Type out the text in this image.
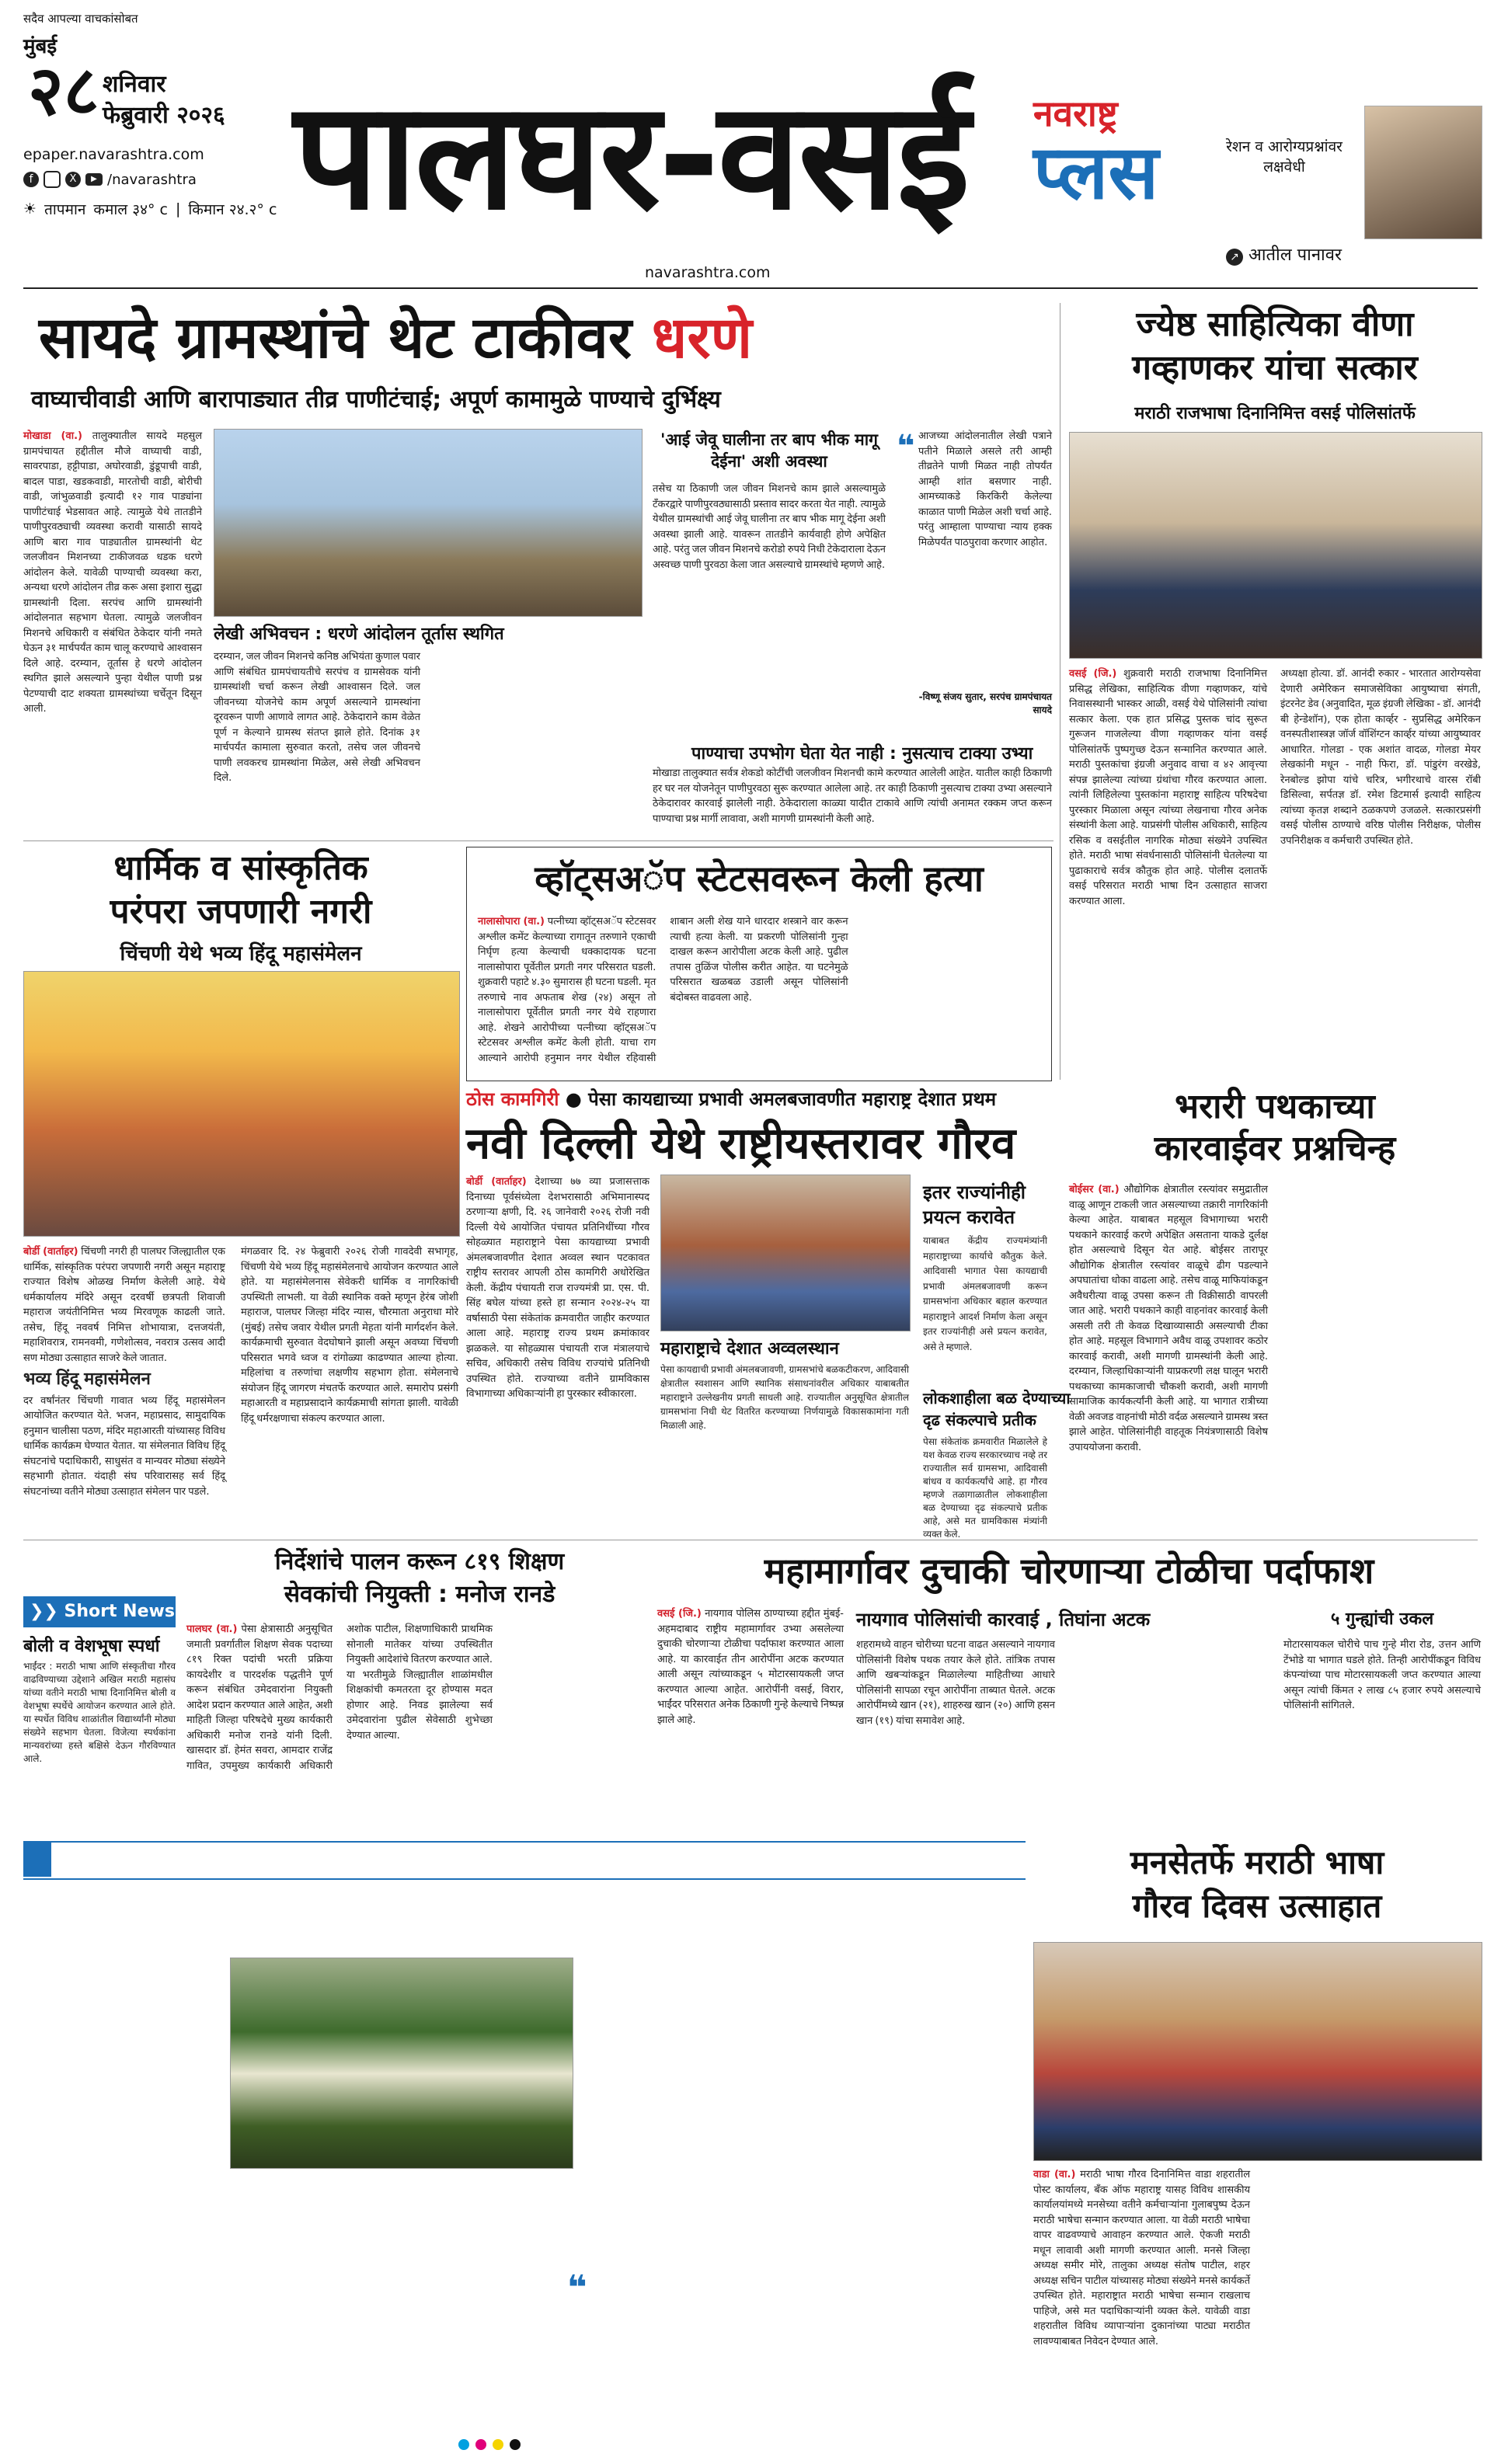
सदैव आपल्या वाचकांसोबत
मुंबई
२८ शनिवार
फेब्रुवारी २०२६
epaper.navarashtra.com
f	X	▶ /navarashtra
☀ तापमान कमाल ३४° c | किमान २४.२° c पालघर-वसई
navarashtra.com
नवराष्ट्र
प्लस	रेशन व आरोग्यप्रश्नांवर लक्षवेधी
↗ आतील पानावर
सायदे ग्रामस्थांचे थेट टाकीवर धरणे
वाघ्याचीवाडी आणि बारापाड्यात तीव्र पाणीटंचाई; अपूर्ण कामामुळे पाण्याचे दुर्भिक्ष्य
मोखाडा (वा.) तालुक्यातील सायदे महसुल ग्रामपंचायत हद्दीतील मौजे वाघ्याची वाडी, सावरपाडा, हट्टीपाडा, अघोरवाडी, डुंडूपाची वाडी, बादल पाडा, खडकवाडी, मारतोची वाडी, बोरीची वाडी, जांभुळवाडी इत्यादी १२ गाव पाड्यांना पाणीटंचाई भेडसावत आहे. त्यामुळे येथे तातडीने पाणीपुरवठ्याची व्यवस्था करावी यासाठी सायदे आणि बारा गाव पाड्यातील ग्रामस्थांनी थेट जलजीवन मिशनच्या टाकीजवळ धडक धरणे आंदोलन केले. यावेळी पाण्याची व्यवस्था करा, अन्यथा धरणे आंदोलन तीव्र करू असा इशारा सुद्धा ग्रामस्थांनी दिला. सरपंच आणि ग्रामस्थांनी आंदोलनात सहभाग घेतला. त्यामुळे जलजीवन मिशनचे अधिकारी व संबंधित ठेकेदार यांनी नमते घेऊन ३१ मार्चपर्यंत काम चालू करण्याचे आश्वासन दिले आहे. दरम्यान, तूर्तास हे धरणे आंदोलन स्थगित झाले असल्याने पुन्हा येथील पाणी प्रश्न पेटण्याची दाट शक्यता ग्रामस्थांच्या चर्चेतून दिसून आली.
लेखी अभिवचन : धरणे आंदोलन तूर्तास स्थगित
दरम्यान, जल जीवन मिशनचे कनिष्ठ अभियंता कुणाल पवार आणि संबंधित ग्रामपंचायतीचे सरपंच व ग्रामसेवक यांनी ग्रामस्थांशी चर्चा करून लेखी आश्वासन दिले. जल जीवनच्या योजनेचे काम अपूर्ण असल्याने ग्रामस्थांना दूरवरून पाणी आणावे लागत आहे. ठेकेदाराने काम वेळेत पूर्ण न केल्याने ग्रामस्थ संतप्त झाले होते. दिनांक ३१ मार्चपर्यंत कामाला सुरुवात करतो, तसेच जल जीवनचे पाणी लवकरच ग्रामस्थांना मिळेल, असे लेखी अभिवचन दिले.
'आई जेवू घालीना तर बाप भीक मागू देईना' अशी अवस्था
तसेच या ठिकाणी जल जीवन मिशनचे काम झाले असल्यामुळे टँकरद्वारे पाणीपुरवठ्यासाठी प्रस्ताव सादर करता येत नाही. त्यामुळे येथील ग्रामस्थांची आई जेवू घालीना तर बाप भीक मागू देईना अशी अवस्था झाली आहे. यावरून तातडीने कार्यवाही होणे अपेक्षित आहे. परंतु जल जीवन मिशनचे करोडो रुपये निधी टेकेदाराला देऊन अस्वच्छ पाणी पुरवठा केला जात असल्याचे ग्रामस्थांचे म्हणणे आहे.
❝ आजच्या आंदोलनातील लेखी पत्राने पतीने मिळाले असले तरी आम्ही तीव्रतेने पाणी मिळत नाही तोपर्यंत आम्ही शांत बसणार नाही. आमच्याकडे किरकिरी केलेल्या काळात पाणी मिळेल अशी चर्चा आहे. परंतु आम्हाला पाण्याचा न्याय हक्क मिळेपर्यंत पाठपुरावा करणार आहोत.
-विष्णू संजय सुतार, सरपंच ग्रामपंचायत सायदे
पाण्याचा उपभोग घेता येत नाही : नुसत्याच टाक्या उभ्या
मोखाडा तालुक्यात सर्वत्र शेकडो कोटींची जलजीवन मिशनची कामे करण्यात आलेली आहेत. यातील काही ठिकाणी हर घर नल योजनेतून पाणीपुरवठा सुरू करण्यात आलेला आहे. तर काही ठिकाणी नुसत्याच टाक्या उभ्या असल्याने ठेकेदारावर कारवाई झालेली नाही. ठेकेदाराला काळ्या यादीत टाकावे आणि त्यांची अनामत रक्कम जप्त करून पाण्याचा प्रश्न मार्गी लावावा, अशी मागणी ग्रामस्थांनी केली आहे.
ज्येष्ठ साहित्यिका वीणा
गव्हाणकर यांचा सत्कार
मराठी राजभाषा दिनानिमित्त वसई पोलिसांतर्फे
वसई (जि.) शुक्रवारी मराठी राजभाषा दिनानिमित्त प्रसिद्ध लेखिका, साहित्यिक वीणा गव्हाणकर, यांचे निवासस्थानी भास्कर आळी, वसई येथे पोलिसांनी त्यांचा सत्कार केला. एक हात प्रसिद्ध पुस्तक चांद सुरूत गुरूजन गाजलेल्या वीणा गव्हाणकर यांना वसई पोलिसांतर्फे पुष्पगुच्छ देऊन सन्मानित करण्यात आले. मराठी पुस्तकांचा इंग्रजी अनुवाद वाचा व ४२ आवृत्त्या संपन्न झालेल्या त्यांच्या ग्रंथांचा गौरव करण्यात आला. त्यांनी लिहिलेल्या पुस्तकांना महाराष्ट्र साहित्य परिषदेचा पुरस्कार मिळाला असून त्यांच्या लेखनाचा गौरव अनेक संस्थांनी केला आहे. याप्रसंगी पोलीस अधिकारी, साहित्य रसिक व वसईतील नागरिक मोठ्या संख्येने उपस्थित होते. मराठी भाषा संवर्धनासाठी पोलिसांनी घेतलेल्या या पुढाकाराचे सर्वत्र कौतुक होत आहे. पोलीस दलातर्फे वसई परिसरात मराठी भाषा दिन उत्साहात साजरा करण्यात आला.
अध्यक्षा होत्या. डॉ. आनंदी रुकार - भारतात आरोग्यसेवा देणारी अमेरिकन समाजसेविका आयुष्याचा संगती, इंटरनेट डेव (अनुवादित, मूळ इंग्रजी लेखिका - डॉ. आनंदी बी हेन्डेशॉन), एक होता कार्व्हर - सुप्रसिद्ध अमेरिकन वनस्पतीशास्त्रज्ञ जॉर्ज वॉशिंग्टन कार्व्हर यांच्या आयुष्यावर आधारित. गोलडा - एक अशांत वादळ, गोलडा मेयर लेखकांनी मधून - नाही फिरा, डॉ. पांडुरंग वरखेडे, रेनबोल्ड झोपा यांचे चरित्र, भगीरथाचे वारस रॉबी डिसिल्वा, सर्पतज्ञ डॉ. रमेश डिटमार्स इत्यादी साहित्य त्यांच्या कृतज्ञ शब्दाने ठळकपणे उजळले. सत्कारप्रसंगी वसई पोलीस ठाण्याचे वरिष्ठ पोलीस निरीक्षक, पोलीस उपनिरीक्षक व कर्मचारी उपस्थित होते.
धार्मिक व सांस्कृतिक
परंपरा जपणारी नगरी
चिंचणी येथे भव्य हिंदू महासंमेलन
बोर्डी (वार्ताहर) चिंचणी नगरी ही पालघर जिल्ह्यातील एक धार्मिक, सांस्कृतिक परंपरा जपणारी नगरी असून महाराष्ट्र राज्यात विशेष ओळख निर्माण केलेली आहे. येथे धर्मकार्यालय मंदिरे असून दरवर्षी छत्रपती शिवाजी महाराज जयंतीनिमित्त भव्य मिरवणूक काढली जाते. तसेच, हिंदू नववर्ष निमित्त शोभायात्रा, दत्तजयंती, महाशिवरात्र, रामनवमी, गणेशोत्सव, नवरात्र उत्सव आदी सण मोठ्या उत्साहात साजरे केले जातात.
भव्य हिंदू महासंमेलन
दर वर्षांनंतर चिंचणी गावात भव्य हिंदू महासंमेलन आयोजित करण्यात येते. भजन, महाप्रसाद, सामुदायिक हनुमान चालीसा पठण, मंदिर महाआरती यांच्यासह विविध धार्मिक कार्यक्रम घेण्यात येतात. या संमेलनात विविध हिंदू संघटनांचे पदाधिकारी, साधुसंत व मान्यवर मोठ्या संख्येने सहभागी होतात. यंदाही संघ परिवारासह सर्व हिंदू संघटनांच्या वतीने मोठ्या उत्साहात संमेलन पार पडले.
मंगळवार दि. २४ फेब्रुवारी २०२६ रोजी गावदेवी सभागृह, चिंचणी येथे भव्य हिंदू महासंमेलनाचे आयोजन करण्यात आले होते. या महासंमेलनास सेवेकरी धार्मिक व नागरिकांची उपस्थिती लाभली. या वेळी स्थानिक वक्ते म्हणून हेरंब जोशी महाराज, पालघर जिल्हा मंदिर न्यास, चौरमाता अनुराधा मोरे (मुंबई) तसेच जवार येथील प्रगती मेहता यांनी मार्गदर्शन केले. कार्यक्रमाची सुरुवात वेदघोषाने झाली असून अवघ्या चिंचणी परिसरात भगवे ध्वज व रांगोळ्या काढण्यात आल्या होत्या. महिलांचा व तरुणांचा लक्षणीय सहभाग होता. संमेलनाचे संयोजन हिंदू जागरण मंचतर्फे करण्यात आले. समारोप प्रसंगी महाआरती व महाप्रसादाने कार्यक्रमाची सांगता झाली. यावेळी हिंदू धर्मरक्षणाचा संकल्प करण्यात आला.
व्हॉट्सअॅप स्टेटसवरून केली हत्या
नालासोपारा (वा.) पत्नीच्या व्हॉट्सअॅप स्टेटसवर अश्लील कमेंट केल्याच्या रागातून तरुणाने एकाची निर्घृण हत्या केल्याची धक्कादायक घटना नालासोपारा पूर्वेतील प्रगती नगर परिसरात घडली. शुक्रवारी पहाटे ४.३० सुमारास ही घटना घडली. मृत तरुणाचे नाव अफताब शेख (२४) असून तो नालासोपारा पूर्वेतील प्रगती नगर येथे राहणारा आहे. शेखने आरोपीच्या पत्नीच्या व्हॉट्सअॅप स्टेटसवर अश्लील कमेंट केली होती. याचा राग आल्याने आरोपी हनुमान नगर येथील रहिवासी शाबान अली शेख याने धारदार शस्त्राने वार करून त्याची हत्या केली. या प्रकरणी पोलिसांनी गुन्हा दाखल करून आरोपीला अटक केली आहे. पुढील तपास तुळिंज पोलीस करीत आहेत. या घटनेमुळे परिसरात खळबळ उडाली असून पोलिसांनी बंदोबस्त वाढवला आहे.
ठोस कामगिरी ● पेसा कायद्याच्या प्रभावी अमलबजावणीत महाराष्ट्र देशात प्रथम
नवी दिल्ली येथे राष्ट्रीयस्तरावर गौरव
बोर्डी (वार्ताहर) देशाच्या ७७ व्या प्रजासत्ताक दिनाच्या पूर्वसंध्येला देशभरासाठी अभिमानास्पद ठरणाऱ्या क्षणी, दि. २६ जानेवारी २०२६ रोजी नवी दिल्ली येथे आयोजित पंचायत प्रतिनिधींच्या गौरव सोहळ्यात महाराष्ट्राने पेसा कायद्याच्या प्रभावी अंमलबजावणीत देशात अव्वल स्थान पटकावत राष्ट्रीय स्तरावर आपली ठोस कामगिरी अधोरेखित केली. केंद्रीय पंचायती राज राज्यमंत्री प्रा. एस. पी. सिंह बघेल यांच्या हस्ते हा सन्मान २०२४-२५ या वर्षासाठी पेसा संकेतांक क्रमवारीत जाहीर करण्यात आला आहे. महाराष्ट्र राज्य प्रथम क्रमांकावर झळकले. या सोहळ्यास पंचायती राज मंत्रालयाचे सचिव, अधिकारी तसेच विविध राज्यांचे प्रतिनिधी उपस्थित होते. राज्याच्या वतीने ग्रामविकास विभागाच्या अधिकाऱ्यांनी हा पुरस्कार स्वीकारला.
इतर राज्यांनीही
प्रयत्न करावेत
याबाबत केंद्रीय राज्यमंत्र्यांनी महाराष्ट्राच्या कार्याचे कौतुक केले. आदिवासी भागात पेसा कायद्याची प्रभावी अंमलबजावणी करून ग्रामसभांना अधिकार बहाल करण्यात महाराष्ट्राने आदर्श निर्माण केला असून इतर राज्यांनीही असे प्रयत्न करावेत, असे ते म्हणाले.
महाराष्ट्राचे देशात अव्वलस्थान
पेसा कायद्याची प्रभावी अंमलबजावणी, ग्रामसभांचे बळकटीकरण, आदिवासी क्षेत्रातील स्वशासन आणि स्थानिक संसाधनांवरील अधिकार याबाबतीत महाराष्ट्राने उल्लेखनीय प्रगती साधली आहे. राज्यातील अनुसूचित क्षेत्रातील ग्रामसभांना निधी थेट वितरित करण्याच्या निर्णयामुळे विकासकामांना गती मिळाली आहे.
लोकशाहीला बळ देण्याच्या
दृढ संकल्पाचे प्रतीक
पेसा संकेतांक क्रमवारीत मिळालेले हे यश केवळ राज्य सरकारच्याच नव्हे तर राज्यातील सर्व ग्रामसभा, आदिवासी बांधव व कार्यकर्त्यांचे आहे. हा गौरव म्हणजे तळागाळातील लोकशाहीला बळ देण्याच्या दृढ संकल्पाचे प्रतीक आहे, असे मत ग्रामविकास मंत्र्यांनी व्यक्त केले.
भरारी पथकाच्या
कारवाईवर प्रश्नचिन्ह
बोईसर (वा.) औद्योगिक क्षेत्रातील रस्त्यांवर समुद्रातील वाळू आणून टाकली जात असल्याच्या तक्रारी नागरिकांनी केल्या आहेत. याबाबत महसूल विभागाच्या भरारी पथकाने कारवाई करणे अपेक्षित असताना याकडे दुर्लक्ष होत असल्याचे दिसून येत आहे. बोईसर तारापूर औद्योगिक क्षेत्रातील रस्त्यांवर वाळूचे ढीग पडल्याने अपघातांचा धोका वाढला आहे. तसेच वाळू माफियांकडून अवैधरीत्या वाळू उपसा करून ती विक्रीसाठी वापरली जात आहे. भरारी पथकाने काही वाहनांवर कारवाई केली असली तरी ती केवळ दिखाव्यासाठी असल्याची टीका होत आहे. महसूल विभागाने अवैध वाळू उपशावर कठोर कारवाई करावी, अशी मागणी ग्रामस्थांनी केली आहे. दरम्यान, जिल्हाधिकाऱ्यांनी याप्रकरणी लक्ष घालून भरारी पथकाच्या कामकाजाची चौकशी करावी, अशी मागणी सामाजिक कार्यकर्त्यांनी केली आहे. या भागात रात्रीच्या वेळी अवजड वाहनांची मोठी वर्दळ असल्याने ग्रामस्थ त्रस्त झाले आहेत. पोलिसांनीही वाहतूक नियंत्रणासाठी विशेष उपाययोजना करावी.
निर्देशांचे पालन करून ८१९ शिक्षण
सेवकांची नियुक्ती : मनोज रानडे
पालघर (वा.) पेसा क्षेत्रासाठी अनुसूचित जमाती प्रवर्गातील शिक्षण सेवक पदाच्या ८१९ रिक्त पदांची भरती प्रक्रिया कायदेशीर व पारदर्शक पद्धतीने पूर्ण करून संबंधित उमेदवारांना नियुक्ती आदेश प्रदान करण्यात आले आहेत, अशी माहिती जिल्हा परिषदेचे मुख्य कार्यकारी अधिकारी मनोज रानडे यांनी दिली. खासदार डॉ. हेमंत सवरा, आमदार राजेंद्र गावित, उपमुख्य कार्यकारी अधिकारी अशोक पाटील, शिक्षणाधिकारी प्राथमिक सोनाली मातेकर यांच्या उपस्थितीत नियुक्ती आदेशांचे वितरण करण्यात आले. या भरतीमुळे जिल्ह्यातील शाळांमधील शिक्षकांची कमतरता दूर होण्यास मदत होणार आहे. निवड झालेल्या सर्व उमेदवारांना पुढील सेवेसाठी शुभेच्छा देण्यात आल्या.
❯❯ Short News
बोली व वेशभूषा स्पर्धा
भाईंदर : मराठी भाषा आणि संस्कृतीचा गौरव वाढविण्याच्या उद्देशाने अखिल मराठी महासंघ यांच्या वतीने मराठी भाषा दिनानिमित्त बोली व वेशभूषा स्पर्धेचे आयोजन करण्यात आले होते. या स्पर्धेत विविध शाळांतील विद्यार्थ्यांनी मोठ्या संख्येने सहभाग घेतला. विजेत्या स्पर्धकांना मान्यवरांच्या हस्ते बक्षिसे देऊन गौरविण्यात आले.
महामार्गावर दुचाकी चोरणाऱ्या टोळीचा पर्दाफाश
वसई (जि.) नायगाव पोलिस ठाण्याच्या हद्दीत मुंबई-अहमदाबाद राष्ट्रीय महामार्गावर उभ्या असलेल्या दुचाकी चोरणाऱ्या टोळीचा पर्दाफाश करण्यात आला आहे. या कारवाईत तीन आरोपींना अटक करण्यात आली असून त्यांच्याकडून ५ मोटारसायकली जप्त करण्यात आल्या आहेत. आरोपींनी वसई, विरार, भाईंदर परिसरात अनेक ठिकाणी गुन्हे केल्याचे निष्पन्न झाले आहे.
नायगाव पोलिसांची कारवाई , तिघांना अटक
शहरामध्ये वाहन चोरीच्या घटना वाढत असल्याने नायगाव पोलिसांनी विशेष पथक तयार केले होते. तांत्रिक तपास आणि खबऱ्यांकडून मिळालेल्या माहितीच्या आधारे पोलिसांनी सापळा रचून आरोपींना ताब्यात घेतले. अटक आरोपींमध्ये खान (२१), शाहरुख खान (२०) आणि हसन खान (१९) यांचा समावेश आहे.
५ गुन्ह्यांची उकल
मोटारसायकल चोरीचे पाच गुन्हे मीरा रोड, उत्तन आणि टेंभोडे या भागात घडले होते. तिन्ही आरोपींकडून विविध कंपन्यांच्या पाच मोटारसायकली जप्त करण्यात आल्या असून त्यांची किंमत २ लाख ८५ हजार रुपये असल्याचे पोलिसांनी सांगितले.
❝
मनसेतर्फे मराठी भाषा
गौरव दिवस उत्साहात
वाडा (वा.) मराठी भाषा गौरव दिनानिमित्त वाडा शहरातील पोस्ट कार्यालय, बँक ऑफ महाराष्ट्र यासह विविध शासकीय कार्यालयांमध्ये मनसेच्या वतीने कर्मचाऱ्यांना गुलाबपुष्प देऊन मराठी भाषेचा सन्मान करण्यात आला. या वेळी मराठी भाषेचा वापर वाढवण्याचे आवाहन करण्यात आले. ऐकजी मराठी मधून लावावी अशी मागणी करण्यात आली. मनसे जिल्हा अध्यक्ष समीर मोरे, तालुका अध्यक्ष संतोष पाटील, शहर अध्यक्ष सचिन पाटील यांच्यासह मोठ्या संख्येने मनसे कार्यकर्ते उपस्थित होते. महाराष्ट्रात मराठी भाषेचा सन्मान राखलाच पाहिजे, असे मत पदाधिकाऱ्यांनी व्यक्त केले. यावेळी वाडा शहरातील विविध व्यापाऱ्यांना दुकानांच्या पाट्या मराठीत लावण्याबाबत निवेदन देण्यात आले.
